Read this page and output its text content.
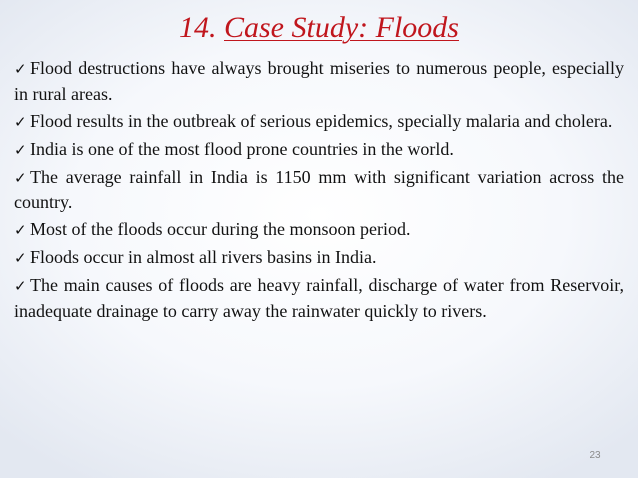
14. Case Study: Floods
✓ Flood destructions have always brought miseries to numerous people, especially in rural areas.
✓ Flood results in the outbreak of serious epidemics, specially malaria and cholera.
✓ India is one of the most flood prone countries in the world.
✓ The average rainfall in India is 1150 mm with significant variation across the country.
✓ Most of the floods occur during the monsoon period.
✓ Floods occur in almost all rivers basins in India.
✓ The main causes of floods are heavy rainfall, discharge of water from Reservoir, inadequate drainage to carry away the rainwater quickly to rivers.
23
